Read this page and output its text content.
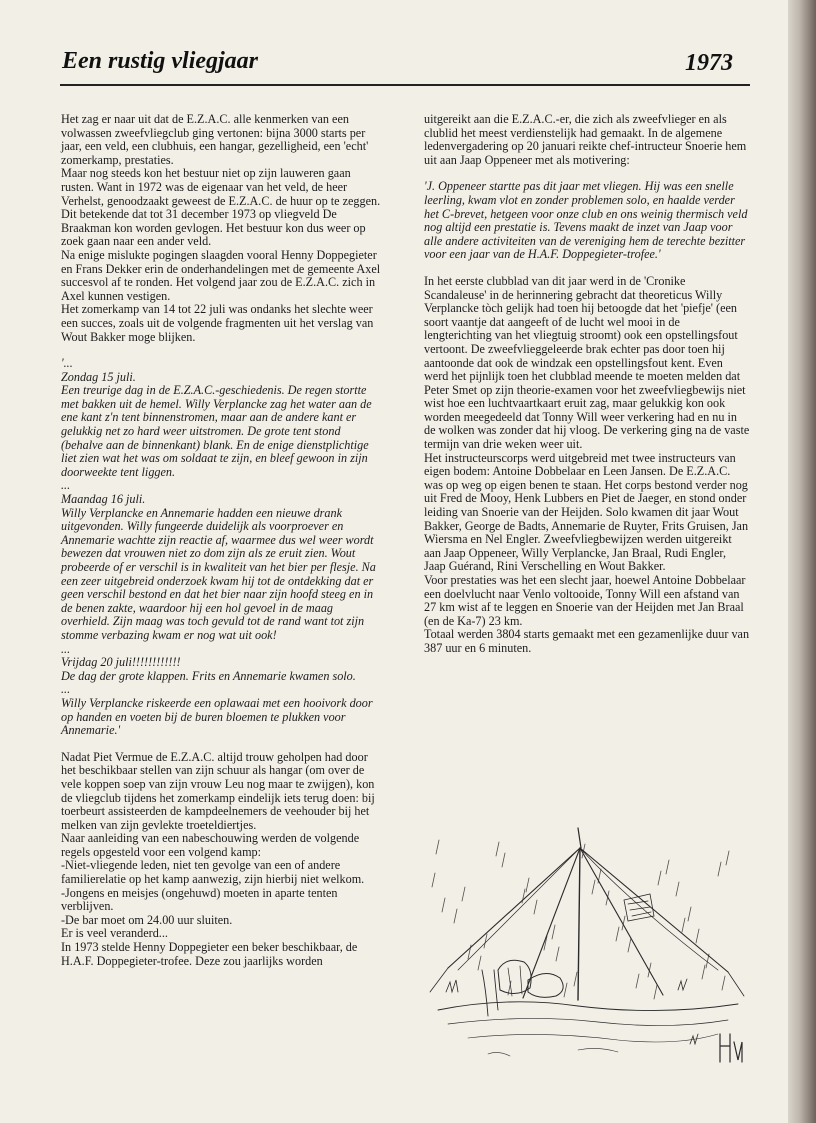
Een rustig vliegjaar	1973

Het zag er naar uit dat de E.Z.A.C. alle kenmerken van een volwassen zweefvliegclub ging vertonen: bijna 3000 starts per jaar, een veld, een clubhuis, een hangar, gezelligheid, een 'echt' zomerkamp, prestaties.

Maar nog steeds kon het bestuur niet op zijn lauweren gaan rusten. Want in 1972 was de eigenaar van het veld, de heer Verhelst, genoodzaakt geweest de E.Z.A.C. de huur op te zeggen. Dit betekende dat tot 31 december 1973 op vliegveld De Braakman kon worden gevlogen. Het bestuur kon dus weer op zoek gaan naar een ander veld.

Na enige mislukte pogingen slaagden vooral Henny Doppegieter en Frans Dekker erin de onderhandelingen met de gemeente Axel succesvol af te ronden. Het volgend jaar zou de E.Z.A.C. zich in Axel kunnen vestigen.

Het zomerkamp van 14 tot 22 juli was ondanks het slechte weer een succes, zoals uit de volgende fragmenten uit het verslag van Wout Bakker moge blijken.

'...

Zondag 15 juli.

Een treurige dag in de E.Z.A.C.-geschiedenis. De regen stortte met bakken uit de hemel. Willy Verplancke zag het water aan de ene kant z'n tent binnenstromen, maar aan de andere kant er gelukkig net zo hard weer uitstromen. De grote tent stond (behalve aan de binnenkant) blank. En de enige dienstplichtige liet zien wat het was om soldaat te zijn, en bleef gewoon in zijn doorweekte tent liggen.

...

Maandag 16 juli.

Willy Verplancke en Annemarie hadden een nieuwe drank uitgevonden. Willy fungeerde duidelijk als voorproever en Annemarie wachtte zijn reactie af, waarmee dus wel weer wordt bewezen dat vrouwen niet zo dom zijn als ze eruit zien. Wout probeerde of er verschil is in kwaliteit van het bier per flesje. Na een zeer uitgebreid onderzoek kwam hij tot de ontdekking dat er geen verschil bestond en dat het bier naar zijn hoofd steeg en in de benen zakte, waardoor hij een hol gevoel in de maag overhield. Zijn maag was toch gevuld tot de rand want tot zijn stomme verbazing kwam er nog wat uit ook!

...

Vrijdag 20 juli!!!!!!!!!!!!

De dag der grote klappen. Frits en Annemarie kwamen solo.

...

Willy Verplancke riskeerde een oplawaai met een hooivork door op handen en voeten bij de buren bloemen te plukken voor Annemarie.'

Nadat Piet Vermue de E.Z.A.C. altijd trouw geholpen had door het beschikbaar stellen van zijn schuur als hangar (om over de vele koppen soep van zijn vrouw Leu nog maar te zwijgen), kon de vliegclub tijdens het zomerkamp eindelijk iets terug doen: bij toerbeurt assisteerden de kampdeelnemers de veehouder bij het melken van zijn gevlekte troeteldiertjes.

Naar aanleiding van een nabeschouwing werden de volgende regels opgesteld voor een volgend kamp:

-Niet-vliegende leden, niet ten gevolge van een of andere familierelatie op het kamp aanwezig, zijn hierbij niet welkom.

-Jongens en meisjes (ongehuwd) moeten in aparte tenten verblijven.

-De bar moet om 24.00 uur sluiten.

Er is veel veranderd...

In 1973 stelde Henny Doppegieter een beker beschikbaar, de H.A.F. Doppegieter-trofee. Deze zou jaarlijks worden

uitgereikt aan die E.Z.A.C.-er, die zich als zweefvlieger en als clublid het meest verdienstelijk had gemaakt. In de algemene ledenvergadering op 20 januari reikte chef-intructeur Snoerie hem uit aan Jaap Oppeneer met als motivering:

'J. Oppeneer startte pas dit jaar met vliegen. Hij was een snelle leerling, kwam vlot en zonder problemen solo, en haalde verder het C-brevet, hetgeen voor onze club en ons weinig thermisch veld nog altijd een prestatie is. Tevens maakt de inzet van Jaap voor alle andere activiteiten van de vereniging hem de terechte bezitter voor een jaar van de H.A.F. Doppegieter-trofee.'

In het eerste clubblad van dit jaar werd in de 'Cronike Scandaleuse' in de herinnering gebracht dat theoreticus Willy Verplancke tòch gelijk had toen hij betoogde dat het 'piefje' (een soort vaantje dat aangeeft of de lucht wel mooi in de lengterichting van het vliegtuig stroomt) ook een opstellingsfout vertoont. De zweefvlieggeleerde brak echter pas door toen hij aantoonde dat ook de windzak een opstellingsfout kent. Even werd het pijnlijk toen het clubblad meende te moeten melden dat Peter Smet op zijn theorie-examen voor het zweefvliegbewijs niet wist hoe een luchtvaartkaart eruit zag, maar gelukkig kon ook worden meegedeeld dat Tonny Will weer verkering had en nu in de wolken was zonder dat hij vloog. De verkering ging na de vaste termijn van drie weken weer uit.

Het instructeurscorps werd uitgebreid met twee instructeurs van eigen bodem: Antoine Dobbelaar en Leen Jansen. De E.Z.A.C. was op weg op eigen benen te staan. Het corps bestond verder nog uit Fred de Mooy, Henk Lubbers en Piet de Jaeger, en stond onder leiding van Snoerie van der Heijden. Solo kwamen dit jaar Wout Bakker, George de Badts, Annemarie de Ruyter, Frits Gruisen, Jan Wiersma en Nel Engler. Zweefvliegbewijzen werden uitgereikt aan Jaap Oppeneer, Willy Verplancke, Jan Braal, Rudi Engler, Jaap Guérand, Rini Verschelling en Wout Bakker.

Voor prestaties was het een slecht jaar, hoewel Antoine Dobbelaar een doelvlucht naar Venlo voltooide, Tonny Will een afstand van 27 km wist af te leggen en Snoerie van der Heijden met Jan Braal (en de Ka-7) 23 km.

Totaal werden 3804 starts gemaakt met een gezamenlijke duur van 387 uur en 6 minuten.
